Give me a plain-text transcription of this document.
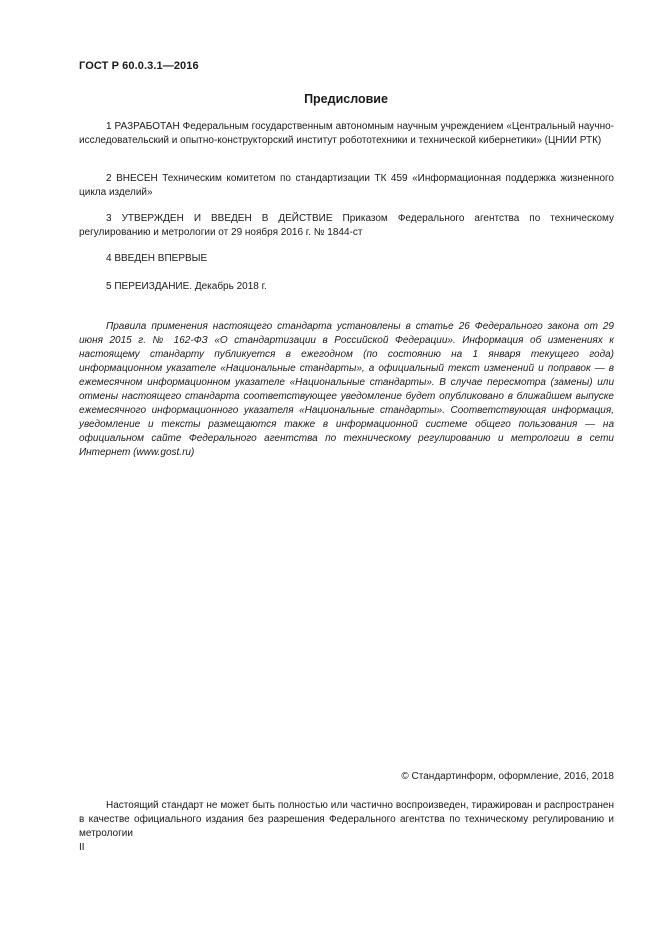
ГОСТ Р 60.0.3.1—2016
Предисловие

1 РАЗРАБОТАН Федеральным государственным автономным научным учреждением «Центральный научно-исследовательский и опытно-конструкторский институт робототехники и технической кибернетики» (ЦНИИ РТК)

2 ВНЕСЕН Техническим комитетом по стандартизации ТК 459 «Информационная поддержка жизненного цикла изделий»

3 УТВЕРЖДЕН И ВВЕДЕН В ДЕЙСТВИЕ Приказом Федерального агентства по техническому регулированию и метрологии от 29 ноября 2016 г. № 1844-ст

4 ВВЕДЕН ВПЕРВЫЕ

5 ПЕРЕИЗДАНИЕ. Декабрь 2018 г.

Правила применения настоящего стандарта установлены в статье 26 Федерального закона от 29 июня 2015 г. № 162-ФЗ «О стандартизации в Российской Федерации». Информация об изменениях к настоящему стандарту публикуется в ежегодном (по состоянию на 1 января текущего года) информационном указателе «Национальные стандарты», а официальный текст изменений и поправок — в ежемесячном информационном указателе «Национальные стандарты». В случае пересмотра (замены) или отмены настоящего стандарта соответствующее уведомление будет опубликовано в ближайшем выпуске ежемесячного информационного указателя «Национальные стандарты». Соответствующая информация, уведомление и тексты размещаются также в информационной системе общего пользования — на официальном сайте Федерального агентства по техническому регулированию и метрологии в сети Интернет (www.gost.ru)

© Стандартинформ, оформление, 2016, 2018

Настоящий стандарт не может быть полностью или частично воспроизведен, тиражирован и распространен в качестве официального издания без разрешения Федерального агентства по техническому регулированию и метрологии

II
